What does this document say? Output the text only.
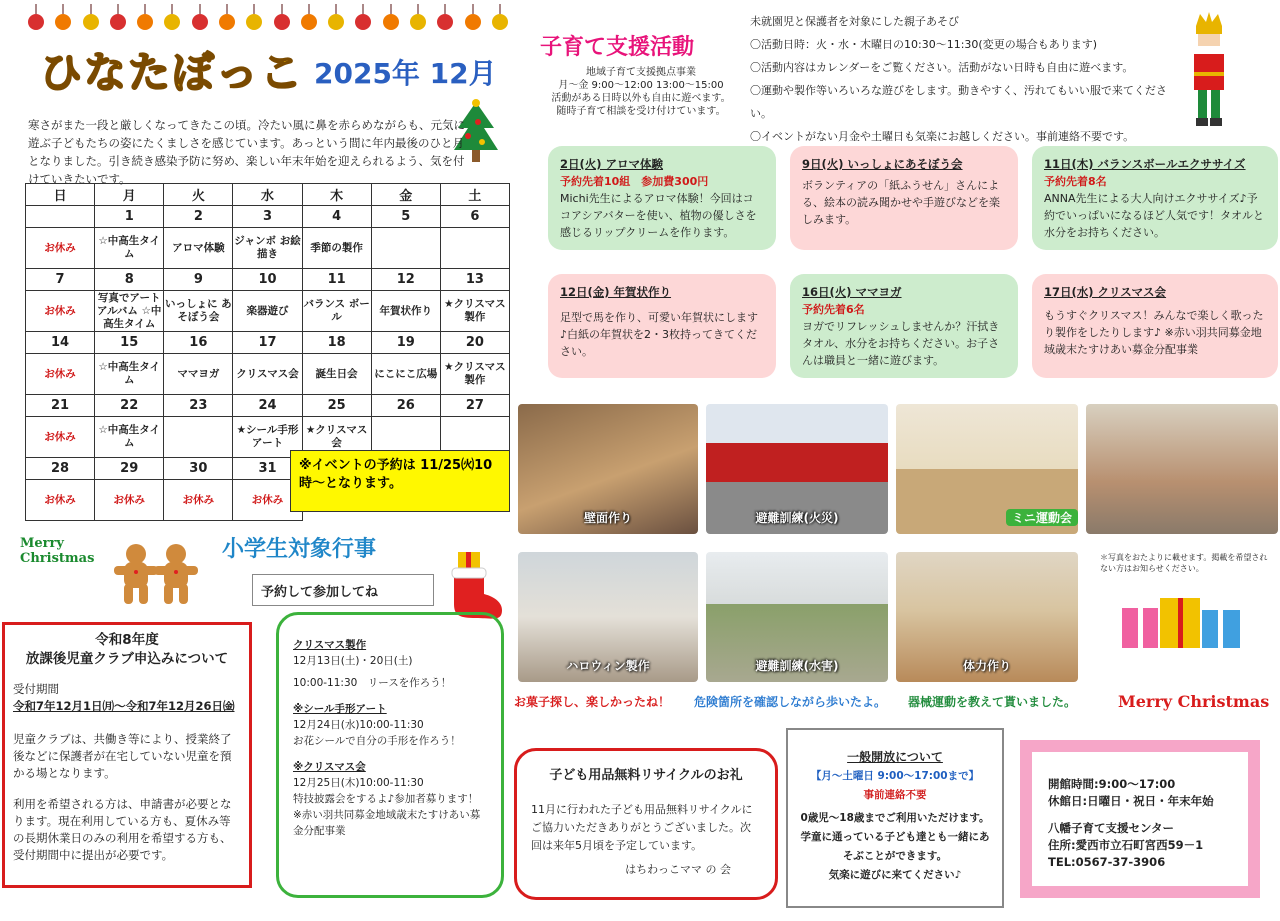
ひなたぼっこ 2025年 12月
寒さがまた一段と厳しくなってきたこの頃。冷たい風に鼻を赤らめながらも、元気に遊ぶ子どもたちの姿にたくましさを感じています。あっという間に年内最後のひと月となりました。引き続き感染予防に努め、楽しい年末年始を迎えられるよう、気を付けていきたいです。
日	月	火	水	木	金	土
	1	2	3	4	5	6
お休み	☆中高生タイム	アロマ体験	ジャンボ お絵描き	季節の製作		
7	8	9	10	11	12	13
お休み	写真でアートアルバム ☆中高生タイム	いっしょに あそぼう会	楽器遊び	バランス ボール	年賀状作り	★クリスマス 製作
14	15	16	17	18	19	20
お休み	☆中高生タイム	ママヨガ	クリスマス会	誕生日会	にこにこ広場	★クリスマス 製作
21	22	23	24	25	26	27
お休み	☆中高生タイム		★シール手形 アート	★クリスマス会		
28	29	30	31			
お休み	お休み	お休み	お休み			
※イベントの予約は 11/25㈫10時～となります。
Merry Christmas	小学生対象行事
予約して参加してね
令和8年度
放課後児童クラブ申込みについて
受付期間
令和7年12月1日㈪～令和7年12月26日㈮
児童クラブは、共働き等により、授業終了後などに保護者が在宅していない児童を預かる場となります。
利用を希望される方は、申請書が必要となります。現在利用している方も、夏休み等の長期休業日のみの利用を希望する方も、受付期間中に提出が必要です。
クリスマス製作
12月13日(土)・20日(土)
10:00-11:30　リースを作ろう！
※シール手形アート
12月24日(水)10:00-11:30
お花シールで自分の手形を作ろう！
※クリスマス会
12月25日(木)10:00-11:30
特技披露会をするよ♪参加者募ります！ ※赤い羽共同募金地域歳末たすけあい募金分配事業
子育て支援活動
地域子育て支援拠点事業
月～金 9:00～12:00 13:00～15:00
活動がある日時以外も自由に遊べます。
随時子育て相談を受け付けています。
未就園児と保護者を対象にした親子あそび
〇活動日時：火・水・木曜日の10:30～11:30(変更の場合もあります)
〇活動内容はカレンダーをご覧ください。活動がない日時も自由に遊べます。
〇運動や製作等いろいろな遊びをします。動きやすく、汚れてもいい服で来てください。
〇イベントがない月金や土曜日も気楽にお越しください。事前連絡不要です。
2日(火) アロマ体験
予約先着10組　参加費300円
Michi先生によるアロマ体験！今回はココアシアバターを使い、植物の優しさを感じるリップクリームを作ります。
9日(火) いっしょにあそぼう会
ボランティアの「紙ふうせん」さんによる、絵本の読み聞かせや手遊びなどを楽しみます。
11日(木) バランスボールエクササイズ
予約先着8名
ANNA先生による大人向けエクササイズ♪予約でいっぱいになるほど人気です！タオルと水分をお持ちください。
12日(金) 年賀状作り
足型で馬を作り、可愛い年賀状にします♪白紙の年賀状を2・3枚持ってきてください。
16日(火) ママヨガ
予約先着6名
ヨガでリフレッシュしませんか？汗拭きタオル、水分をお持ちください。お子さんは職員と一緒に遊びます。
17日(水) クリスマス会
もうすぐクリスマス！みんなで楽しく歌ったり製作をしたりします♪ ※赤い羽共同募金地域歳末たすけあい募金分配事業
壁面作り	避難訓練(火災)	ミニ運動会
ハロウィン製作	避難訓練(水害)	体力作り
お菓子探し、楽しかったね！ 危険箇所を確認しながら歩いたよ。 器械運動を教えて貰いました。
＊写真をおたよりに載せます。掲載を希望されない方はお知らせください。
Merry Christmas
子ども用品無料リサイクルのお礼
11月に行われた子ども用品無料リサイクルにご協力いただきありがとうございました。次回は来年5月頃を予定しています。
はちわっこママ の 会
一般開放について
【月～土曜日 9:00～17:00まで】
事前連絡不要
0歳児～18歳までご利用いただけます。学童に通っている子ども達とも一緒にあそぶことができます。
気楽に遊びに来てください♪
開館時間:9:00～17:00
休館日:日曜日・祝日・年末年始
八幡子育て支援センター
住所:愛西市立石町宮西59－1
TEL:0567-37-3906
